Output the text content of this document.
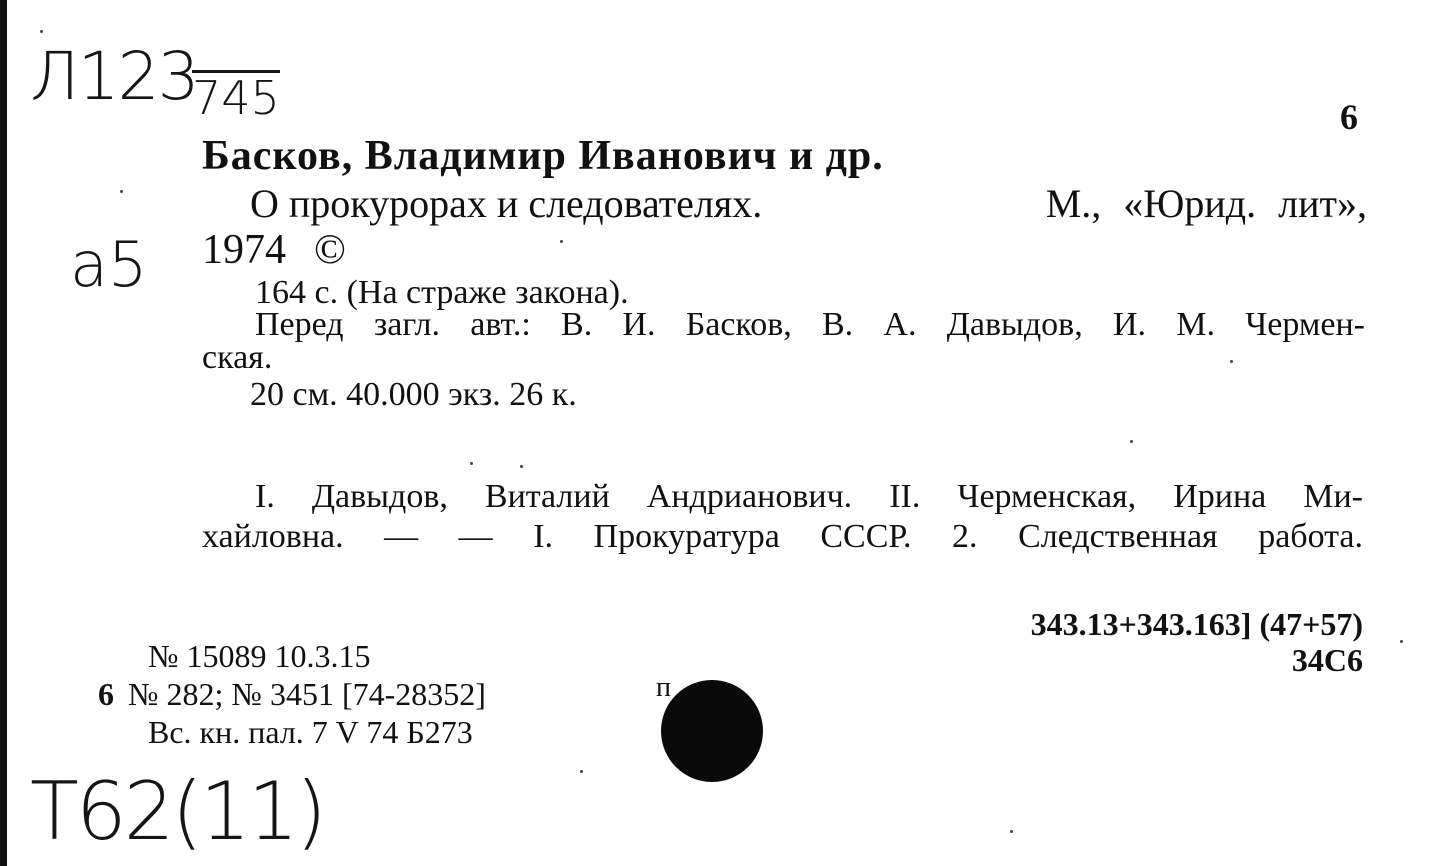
Л123
745
а5
Т62(11)
6
Басков, Владимир Иванович и др.
О прокурорах и следователях.	М., «Юрид. лит»,
1974 ©
164 с. (На страже закона).
Перед загл. авт.: В. И. Басков, В. А. Давыдов, И. М. Чермен-
ская.
20 см. 40.000 экз. 26 к.
I. Давыдов, Виталий Андрианович. II. Черменская, Ирина Ми-
хайловна. — — I. Прокуратура СССР. 2. Следственная работа.
343.13+343.163] (47+57)
34С6
№ 15089 10.3.15
6 № 282; № 3451 [74-28352]	п
Вс. кн. пал. 7 V 74 Б273
